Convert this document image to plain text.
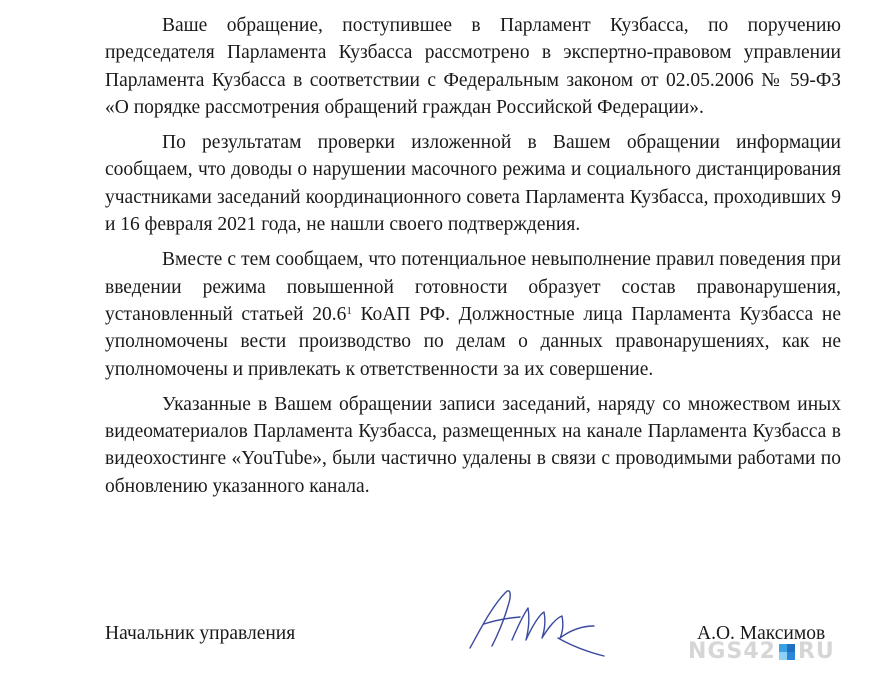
Ваше обращение, поступившее в Парламент Кузбасса, по поручению председателя Парламента Кузбасса рассмотрено в экспертно-правовом управлении Парламента Кузбасса в соответствии с Федеральным законом от 02.05.2006 № 59-ФЗ «О порядке рассмотрения обращений граждан Российской Федерации».

По результатам проверки изложенной в Вашем обращении информации сообщаем, что доводы о нарушении масочного режима и социального дистанцирования участниками заседаний координационного совета Парламента Кузбасса, проходивших 9 и 16 февраля 2021 года, не нашли своего подтверждения.

Вместе с тем сообщаем, что потенциальное невыполнение правил поведения при введении режима повышенной готовности образует состав правонарушения, установленный статьей 20.6$^1$ КоАП РФ. Должностные лица Парламента Кузбасса не уполномочены вести производство по делам о данных правонарушениях, как не уполномочены и привлекать к ответственности за их совершение.

Указанные в Вашем обращении записи заседаний, наряду со множеством иных видеоматериалов Парламента Кузбасса, размещенных на канале Парламента Кузбасса в видеохостинге «YouTube», были частично удалены в связи с проводимыми работами по обновлению указанного канала.

Начальник управления	А.О. Максимов
NGS42 RU
